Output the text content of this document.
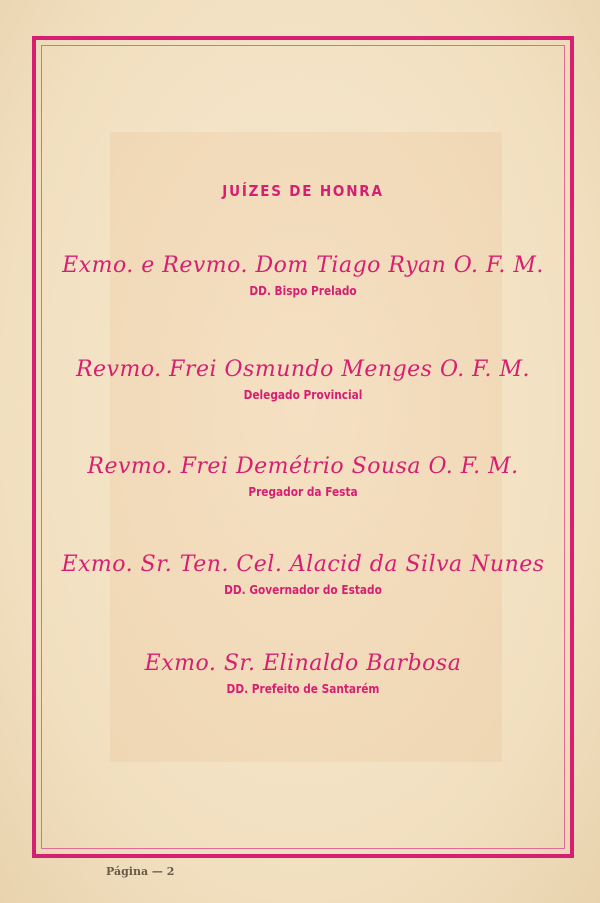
JUÍZES DE HONRA
Exmo. e Revmo. Dom Tiago Ryan O. F. M.
DD. Bispo Prelado
Revmo. Frei Osmundo Menges O. F. M.
Delegado Provincial
Revmo. Frei Demétrio Sousa O. F. M.
Pregador da Festa
Exmo. Sr. Ten. Cel. Alacid da Silva Nunes
DD. Governador do Estado
Exmo. Sr. Elinaldo Barbosa
DD. Prefeito de Santarém
Página — 2
